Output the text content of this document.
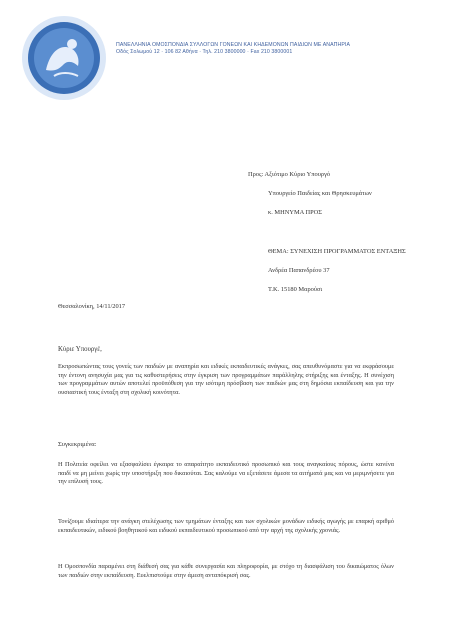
ΠΑΝΕΛΛΗΝΙΑ ΟΜΟΣΠΟΝΔΙΑ ΣΥΛΛΟΓΩΝ ΓΟΝΕΩΝ ΚΑΙ ΚΗΔΕΜΟΝΩΝ ΠΑΙΔΙΩΝ ΜΕ ΑΝΑΠΗΡΙΑ
Οδός Σολωμού 12 · 106 82 Αθήνα · Τηλ. 210 3800000 · Fax 210 3800001
Προς: Αξιότιμο Κύριο Υπουργό
Υπουργείο Παιδείας και Θρησκευμάτων
κ. ΜΗΝΥΜΑ ΠΡΟΣ
ΘΕΜΑ: ΣΥΝΕΧΙΣΗ ΠΡΟΓΡΑΜΜΑΤΟΣ ΕΝΤΑΞΗΣ
Ανδρέα Παπανδρέου 37
Τ.Κ. 15180 Μαρούσι
Θεσσαλονίκη, 14/11/2017
Κύριε Υπουργέ,
Εκπροσωπώντας τους γονείς των παιδιών με αναπηρία και ειδικές εκπαιδευτικές ανάγκες, σας απευθυνόμαστε για να εκφράσουμε την έντονη ανησυχία μας για τις καθυστερήσεις στην έγκριση των προγραμμάτων παράλληλης στήριξης και ένταξης. Η συνέχιση των προγραμμάτων αυτών αποτελεί προϋπόθεση για την ισότιμη πρόσβαση των παιδιών μας στη δημόσια εκπαίδευση και για την ουσιαστική τους ένταξη στη σχολική κοινότητα.
Συγκεκριμένα:
Η Πολιτεία οφείλει να εξασφαλίσει έγκαιρα το απαραίτητο εκπαιδευτικό προσωπικό και τους αναγκαίους πόρους, ώστε κανένα παιδί να μη μείνει χωρίς την υποστήριξη που δικαιούται. Σας καλούμε να εξετάσετε άμεσα τα αιτήματά μας και να μεριμνήσετε για την επίλυσή τους.
Τονίζουμε ιδιαίτερα την ανάγκη στελέχωσης των τμημάτων ένταξης και των σχολικών μονάδων ειδικής αγωγής με επαρκή αριθμό εκπαιδευτικών, ειδικού βοηθητικού και ειδικού εκπαιδευτικού προσωπικού από την αρχή της σχολικής χρονιάς.
Η Ομοσπονδία παραμένει στη διάθεσή σας για κάθε συνεργασία και πληροφορία, με στόχο τη διασφάλιση του δικαιώματος όλων των παιδιών στην εκπαίδευση. Ευελπιστούμε στην άμεση ανταπόκρισή σας.
